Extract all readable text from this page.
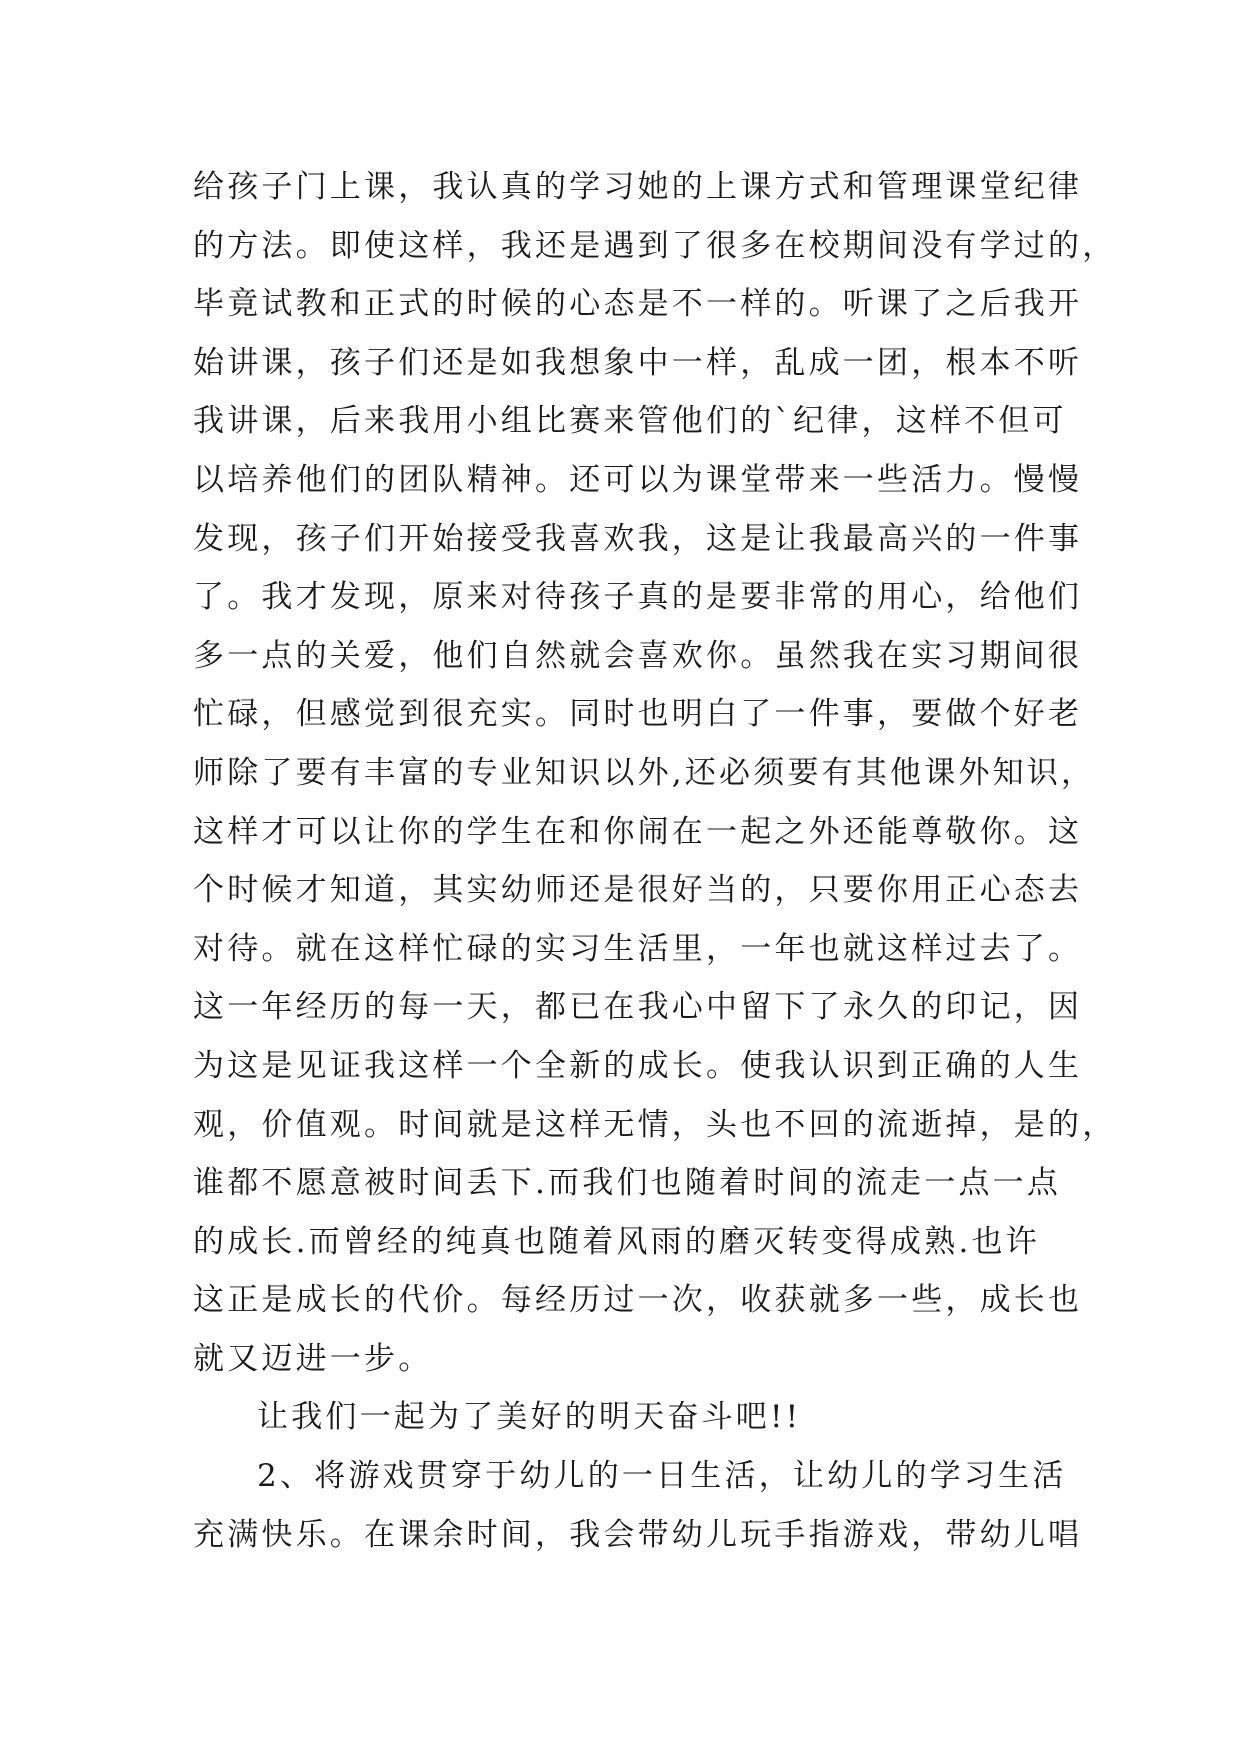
给孩子门上课，我认真的学习她的上课方式和管理课堂纪律
的方法。即使这样，我还是遇到了很多在校期间没有学过的，
毕竟试教和正式的时候的心态是不一样的。听课了之后我开
始讲课，孩子们还是如我想象中一样，乱成一团，根本不听
我讲课，后来我用小组比赛来管他们的`纪律，这样不但可
以培养他们的团队精神。还可以为课堂带来一些活力。慢慢
发现，孩子们开始接受我喜欢我，这是让我最高兴的一件事
了。我才发现，原来对待孩子真的是要非常的用心，给他们
多一点的关爱，他们自然就会喜欢你。虽然我在实习期间很
忙碌，但感觉到很充实。同时也明白了一件事，要做个好老
师除了要有丰富的专业知识以外,还必须要有其他课外知识，
这样才可以让你的学生在和你闹在一起之外还能尊敬你。这
个时候才知道，其实幼师还是很好当的，只要你用正心态去
对待。就在这样忙碌的实习生活里，一年也就这样过去了。
这一年经历的每一天，都已在我心中留下了永久的印记，因
为这是见证我这样一个全新的成长。使我认识到正确的人生
观，价值观。时间就是这样无情，头也不回的流逝掉，是的，
谁都不愿意被时间丢下.而我们也随着时间的流走一点一点
的成长.而曾经的纯真也随着风雨的磨灭转变得成熟.也许
这正是成长的代价。每经历过一次，收获就多一些，成长也
就又迈进一步。
让我们一起为了美好的明天奋斗吧!!
2、将游戏贯穿于幼儿的一日生活，让幼儿的学习生活
充满快乐。在课余时间，我会带幼儿玩手指游戏，带幼儿唱
